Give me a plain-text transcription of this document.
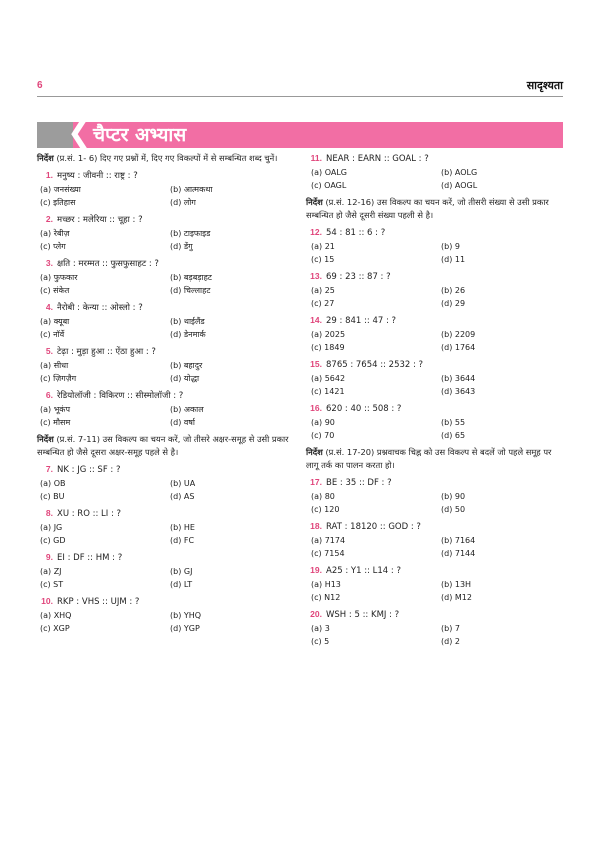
6	सादृश्यता
❮ चैप्टर अभ्यास
निर्देश (प्र.सं. 1- 6) दिए गए प्रश्नों में, दिए गए विकल्पों में से सम्बन्धित शब्द चुनें।
1. मनुष्य : जीवनी :: राष्ट्र : ?
(a) जनसंख्या	(b) आत्मकथा
(c) इतिहास	(d) लोग
2. मच्छर : मलेरिया :: चूहा : ?
(a) रेबीज़	(b) टाइफाइड
(c) प्लेग	(d) डेंगु
3. क्षति : मरम्मत :: फुसफुसाहट : ?
(a) फुफकार	(b) बड़बड़ाहट
(c) संकेत	(d) चिल्लाहट
4. नैरोबी : केन्या :: ओस्लो : ?
(a) क्यूबा	(b) थाईलैंड
(c) नॉर्वे	(d) डेनमार्क
5. टेढ़ा : मुड़ा हुआ :: ऐंठा हुआ : ?
(a) सीधा	(b) बहादुर
(c) ज़िगज़ैग	(d) योद्धा
6. रेडियोलॉजी : विकिरण :: सीस्मोलॉजी : ?
(a) भूकंप	(b) अकाल
(c) मौसम	(d) वर्षा
निर्देश (प्र.सं. 7-11) उस विकल्प का चयन करें, जो तीसरे अक्षर-समूह से उसी प्रकार सम्बन्धित हो जैसे दूसरा अक्षर-समूह पहले से है।
7. NK : JG :: SF : ?
(a) OB	(b) UA
(c) BU	(d) AS
8. XU : RO :: LI : ?
(a) JG	(b) HE
(c) GD	(d) FC
9. EI : DF :: HM : ?
(a) ZJ	(b) GJ
(c) ST	(d) LT
10. RKP : VHS :: UJM : ?
(a) XHQ	(b) YHQ
(c) XGP	(d) YGP
11. NEAR : EARN :: GOAL : ?
(a) OALG	(b) AOLG
(c) OAGL	(d) AOGL
निर्देश (प्र.सं. 12-16) उस विकल्प का चयन करें, जो तीसरी संख्या से उसी प्रकार सम्बन्धित हो जैसे दूसरी संख्या पहली से है।
12. 54 : 81 :: 6 : ?
(a) 21	(b) 9
(c) 15	(d) 11
13. 69 : 23 :: 87 : ?
(a) 25	(b) 26
(c) 27	(d) 29
14. 29 : 841 :: 47 : ?
(a) 2025	(b) 2209
(c) 1849	(d) 1764
15. 8765 : 7654 :: 2532 : ?
(a) 5642	(b) 3644
(c) 1421	(d) 3643
16. 620 : 40 :: 508 : ?
(a) 90	(b) 55
(c) 70	(d) 65
निर्देश (प्र.सं. 17-20) प्रश्नवाचक चिह्न को उस विकल्प से बदलें जो पहले समूह पर लागू तर्क का पालन करता हो।
17. BE : 35 :: DF : ?
(a) 80	(b) 90
(c) 120	(d) 50
18. RAT : 18120 :: GOD : ?
(a) 7174	(b) 7164
(c) 7154	(d) 7144
19. A25 : Y1 :: L14 : ?
(a) H13	(b) 13H
(c) N12	(d) M12
20. WSH : 5 :: KMJ : ?
(a) 3	(b) 7
(c) 5	(d) 2
